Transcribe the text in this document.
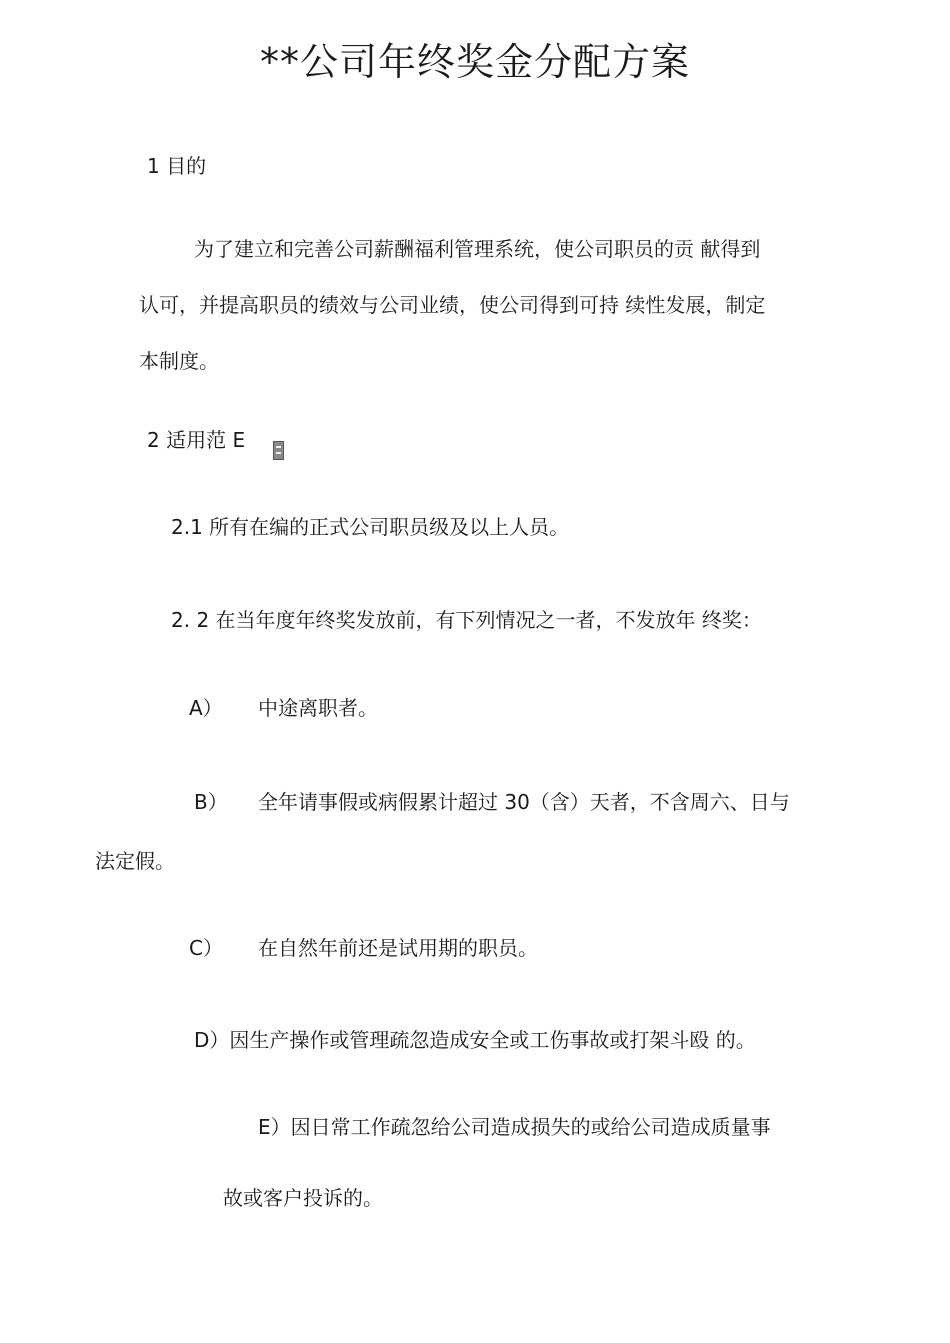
**公司年终奖金分配方案
1 目的
为了建立和完善公司薪酬福利管理系统，使公司职员的贡 献得到
认可，并提高职员的绩效与公司业绩，使公司得到可持 续性发展，制定
本制度。
2 适用范 E
2.1 所有在编的正式公司职员级及以上人员。
2. 2 在当年度年终奖发放前，有下列情况之一者，不发放年 终奖：
A） 中途离职者。
B） 全年请事假或病假累计超过 30（含）天者，不含周六、日与
法定假。
C） 在自然年前还是试用期的职员。
D）因生产操作或管理疏忽造成安全或工伤事故或打架斗殴 的。
E）因日常工作疏忽给公司造成损失的或给公司造成质量事
故或客户投诉的。
